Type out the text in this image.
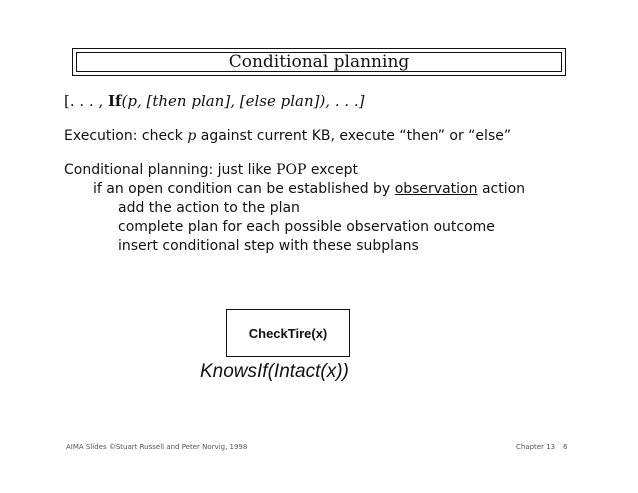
Conditional planning
[. . . , If(p, [then plan], [else plan]), . . .]
Execution: check p against current KB, execute “then” or “else”
Conditional planning: just like POP except
if an open condition can be established by observation action
add the action to the plan
complete plan for each possible observation outcome
insert conditional step with these subplans
CheckTire(x)
KnowsIf(Intact(x))
AIMA Slides ©Stuart Russell and Peter Norvig, 1998	Chapter 13 6
